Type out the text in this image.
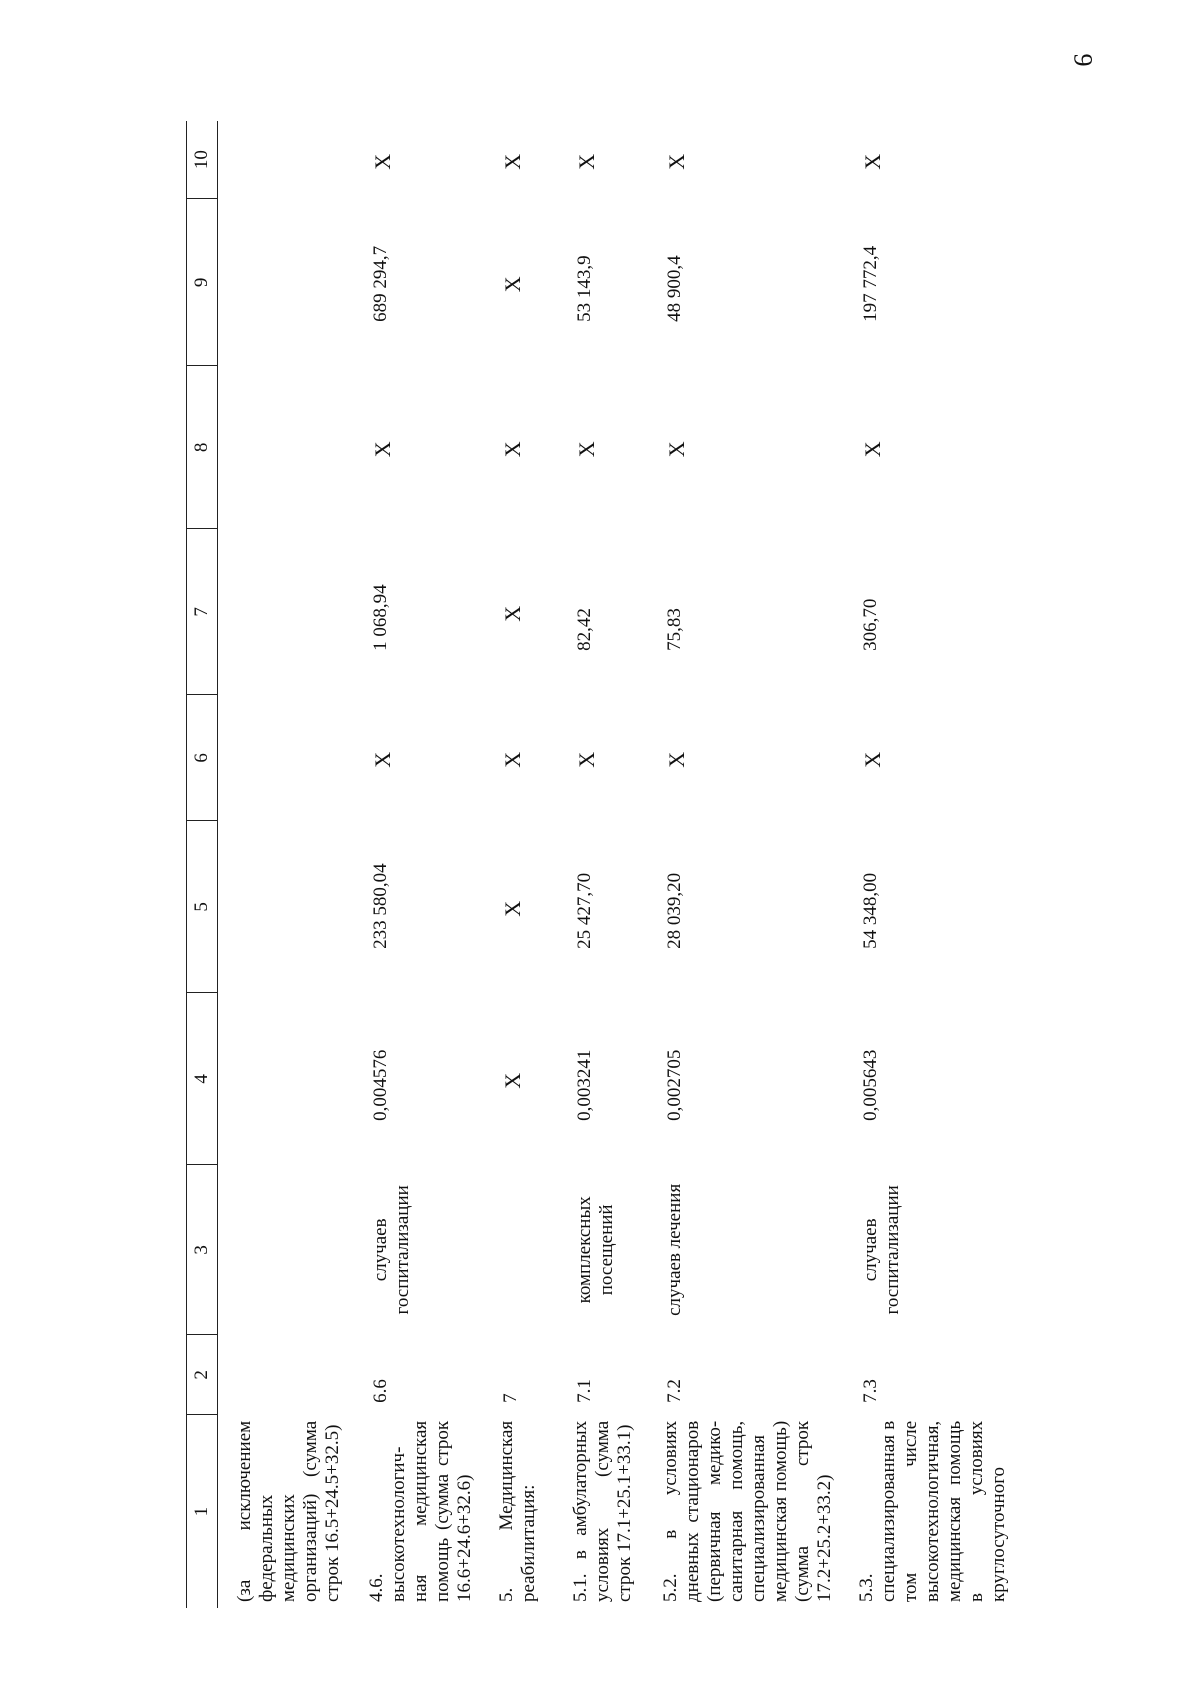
9
1	2	3	4	5	6	7	8	9	10
(за исключением федеральных медицинских организаций) (сумма строк 16.5+24.5+32.5)									
4.6. высокотехнологич-ная медицинская помощь (сумма строк 16.6+24.6+32.6)	6.6	случаев госпитализации	0,004576	233 580,04	X	1 068,94	X	689 294,7	X
5. Медицинская реабилитация:	7		X	X	X	X	X	X	X
5.1. в амбулаторных условиях (сумма строк 17.1+25.1+33.1)	7.1	комплексных посещений	0,003241	25 427,70	X	82,42	X	53 143,9	X
5.2. в условиях дневных стационаров (первичная медико-санитарная помощь, специализированная медицинская помощь) (сумма строк 17.2+25.2+33.2)	7.2	случаев лечения	0,002705	28 039,20	X	75,83	X	48 900,4	X
5.3. специализированная в том числе высокотехнологичная, медицинская помощь в условиях круглосуточного	7.3	случаев госпитализации	0,005643	54 348,00	X	306,70	X	197 772,4	X
